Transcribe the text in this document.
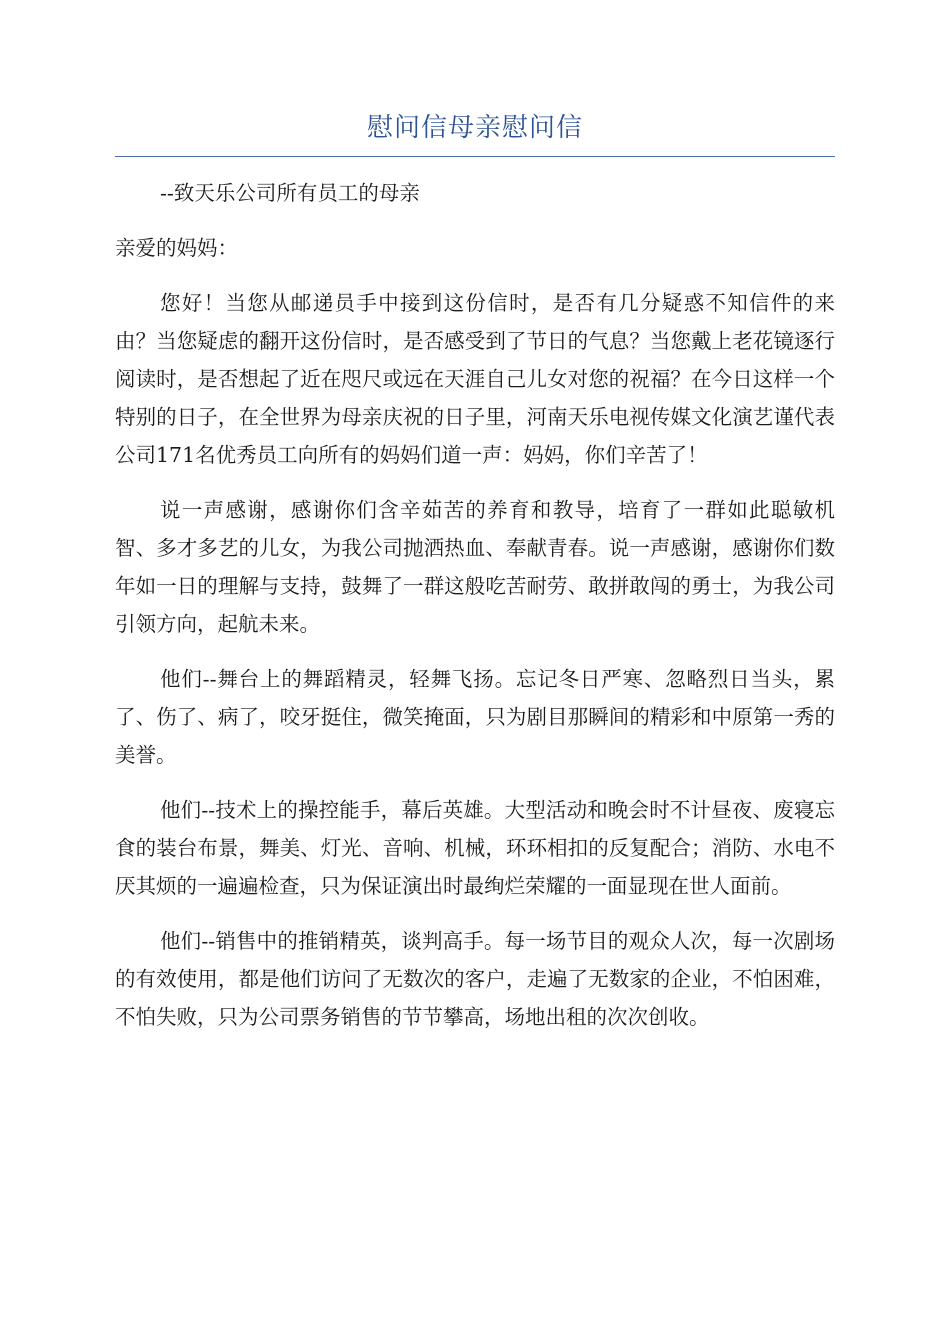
慰问信母亲慰问信

--致天乐公司所有员工的母亲

亲爱的妈妈：

您好！当您从邮递员手中接到这份信时，是否有几分疑惑不知信件的来由？当您疑虑的翻开这份信时，是否感受到了节日的气息？当您戴上老花镜逐行阅读时，是否想起了近在咫尺或远在天涯自己儿女对您的祝福？在今日这样一个特别的日子，在全世界为母亲庆祝的日子里，河南天乐电视传媒文化演艺谨代表公司171名优秀员工向所有的妈妈们道一声：妈妈，你们辛苦了！

说一声感谢，感谢你们含辛茹苦的养育和教导，培育了一群如此聪敏机智、多才多艺的儿女，为我公司抛洒热血、奉献青春。说一声感谢，感谢你们数年如一日的理解与支持，鼓舞了一群这般吃苦耐劳、敢拼敢闯的勇士，为我公司引领方向，起航未来。

他们--舞台上的舞蹈精灵，轻舞飞扬。忘记冬日严寒、忽略烈日当头，累了、伤了、病了，咬牙挺住，微笑掩面，只为剧目那瞬间的精彩和中原第一秀的美誉。

他们--技术上的操控能手，幕后英雄。大型活动和晚会时不计昼夜、废寝忘食的装台布景，舞美、灯光、音响、机械，环环相扣的反复配合；消防、水电不厌其烦的一遍遍检查，只为保证演出时最绚烂荣耀的一面显现在世人面前。

他们--销售中的推销精英，谈判高手。每一场节目的观众人次，每一次剧场的有效使用，都是他们访问了无数次的客户，走遍了无数家的企业，不怕困难，不怕失败，只为公司票务销售的节节攀高，场地出租的次次创收。
